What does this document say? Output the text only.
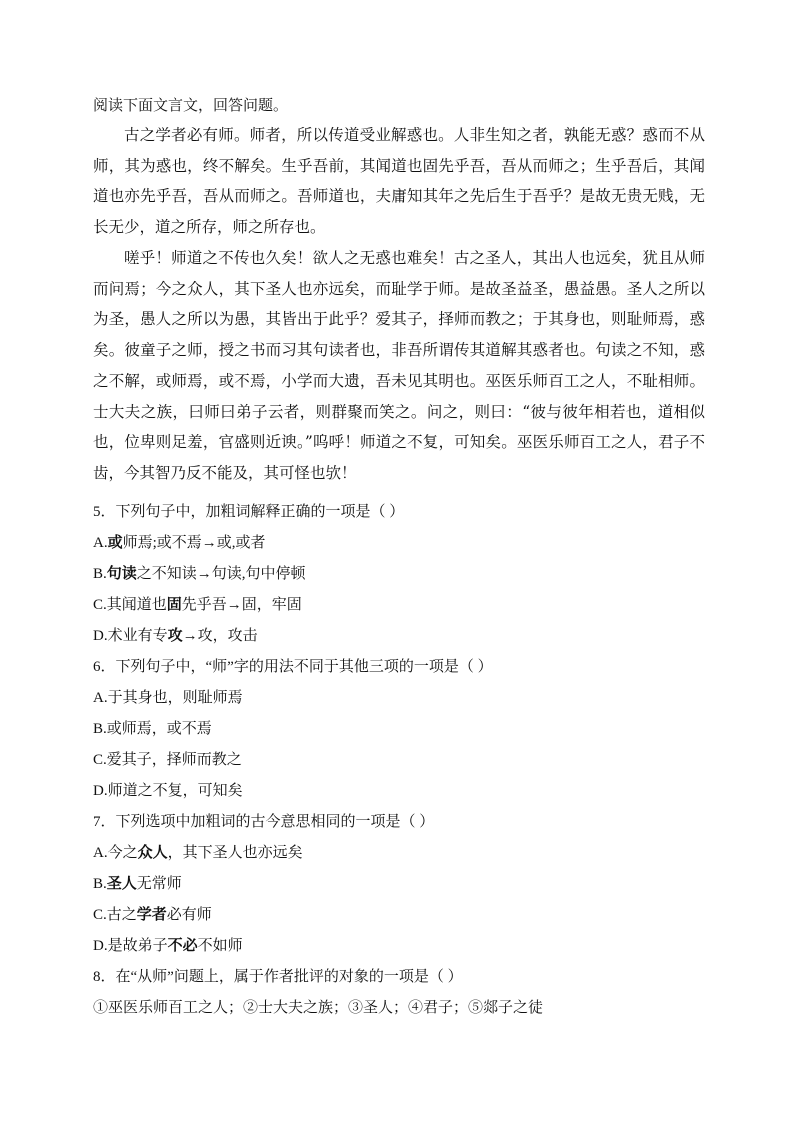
阅读下面文言文，回答问题。

古之学者必有师。师者，所以传道受业解惑也。人非生知之者，孰能无惑？惑而不从师，其为惑也，终不解矣。生乎吾前，其闻道也固先乎吾，吾从而师之；生乎吾后，其闻道也亦先乎吾，吾从而师之。吾师道也，夫庸知其年之先后生于吾乎？是故无贵无贱，无长无少，道之所存，师之所存也。

嗟乎！师道之不传也久矣！欲人之无惑也难矣！古之圣人，其出人也远矣，犹且从师而问焉；今之众人，其下圣人也亦远矣，而耻学于师。是故圣益圣，愚益愚。圣人之所以为圣，愚人之所以为愚，其皆出于此乎？爱其子，择师而教之；于其身也，则耻师焉，惑矣。彼童子之师，授之书而习其句读者也，非吾所谓传其道解其惑者也。句读之不知，惑之不解，或师焉，或不焉，小学而大遗，吾未见其明也。巫医乐师百工之人，不耻相师。士大夫之族，曰师曰弟子云者，则群聚而笑之。问之，则曰：“彼与彼年相若也，道相似也，位卑则足羞，官盛则近谀。”呜呼！师道之不复，可知矣。巫医乐师百工之人，君子不齿，今其智乃反不能及，其可怪也欤！

5．下列句子中，加粗词解释正确的一项是（ ）
A.或师焉;或不焉→或,或者
B.句读之不知读→句读,句中停顿
C.其闻道也固先乎吾→固，牢固
D.术业有专攻→攻，攻击
6．下列句子中，“师”字的用法不同于其他三项的一项是（ ）
A.于其身也，则耻师焉
B.或师焉，或不焉
C.爱其子，择师而教之
D.师道之不复，可知矣
7．下列选项中加粗词的古今意思相同的一项是（ ）
A.今之众人，其下圣人也亦远矣
B.圣人无常师
C.古之学者必有师
D.是故弟子不必不如师
8．在“从师”问题上，属于作者批评的对象的一项是（ ）
①巫医乐师百工之人；②士大夫之族；③圣人；④君子；⑤郯子之徒
